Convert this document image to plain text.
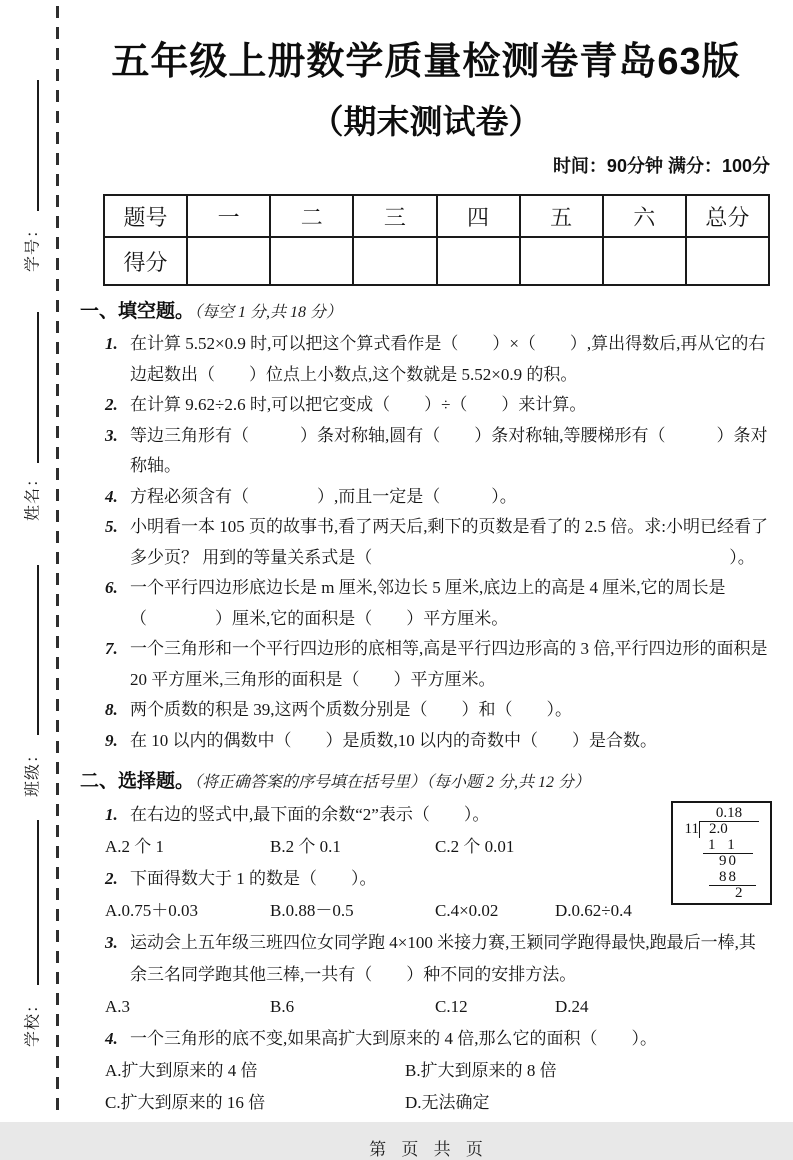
学号：
姓名：
班级：
学校：
五年级上册数学质量检测卷青岛63版
（期末测试卷）
时间：90分钟 满分：100分
题号	一	二	三	四	五	六	总分
得分							
一、填空题。（每空 1 分,共 18 分）

1. 在计算 5.52×0.9 时,可以把这个算式看作是（　　）×（　　）,算出得数后,再从它的右边起数出（　　）位点上小数点,这个数就是 5.52×0.9 的积。

2. 在计算 9.62÷2.6 时,可以把它变成（　　）÷（　　）来计算。

3. 等边三角形有（　　　）条对称轴,圆有（　　）条对称轴,等腰梯形有（　　　）条对称轴。

4. 方程必须含有（　　　　）,而且一定是（　　　）。

5. 小明看一本 105 页的故事书,看了两天后,剩下的页数是看了的 2.5 倍。求:小明已经看了多少页？ 用到的等量关系式是（　　　　　　　　　　　　　　　　　　　　　）。

6. 一个平行四边形底边长是 m 厘米,邻边长 5 厘米,底边上的高是 4 厘米,它的周长是（　　　　）厘米,它的面积是（　　）平方厘米。

7. 一个三角形和一个平行四边形的底相等,高是平行四边形高的 3 倍,平行四边形的面积是 20 平方厘米,三角形的面积是（　　）平方厘米。

8. 两个质数的积是 39,这两个质数分别是（　　）和（　　）。

9. 在 10 以内的偶数中（　　）是质数,10 以内的奇数中（　　）是合数。

二、选择题。（将正确答案的序号填在括号里）（每小题 2 分,共 12 分）
0.18
11 2.0
1 1
90
88
2

1. 在右边的竖式中,最下面的余数“2”表示（　　）。

A.2 个 1	B.2 个 0.1	C.2 个 0.01

2. 下面得数大于 1 的数是（　　）。

A.0.75＋0.03	B.0.88－0.5	C.4×0.02	D.0.62÷0.4

3. 运动会上五年级三班四位女同学跑 4×100 米接力赛,王颖同学跑得最快,跑最后一棒,其余三名同学跑其他三棒,一共有（　　）种不同的安排方法。

A.3	B.6	C.12	D.24

4. 一个三角形的底不变,如果高扩大到原来的 4 倍,那么它的面积（　　）。

A.扩大到原来的 4 倍	B.扩大到原来的 8 倍
C.扩大到原来的 16 倍	D.无法确定
第 页 共 页
